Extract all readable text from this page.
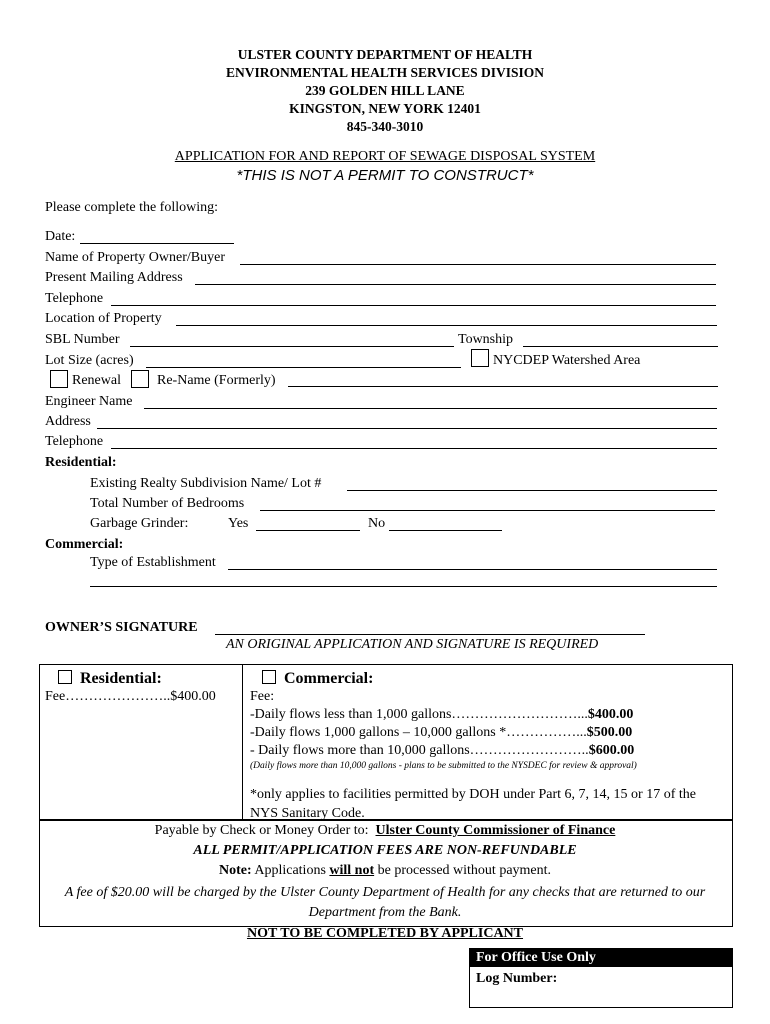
ULSTER COUNTY DEPARTMENT OF HEALTH
ENVIRONMENTAL HEALTH SERVICES DIVISION
239 GOLDEN HILL LANE
KINGSTON, NEW YORK 12401
845-340-3010
APPLICATION FOR AND REPORT OF SEWAGE DISPOSAL SYSTEM
*THIS IS NOT A PERMIT TO CONSTRUCT*
Please complete the following:
Date:
Name of Property Owner/Buyer
Present Mailing Address
Telephone
Location of Property
SBL Number	Township
Lot Size (acres)	NYCDEP Watershed Area
Renewal	Re-Name (Formerly)
Engineer Name
Address
Telephone
Residential:
Existing Realty Subdivision Name/ Lot #
Total Number of Bedrooms
Garbage Grinder:	Yes	No
Commercial:
Type of Establishment
OWNER’S SIGNATURE
AN ORIGINAL APPLICATION AND SIGNATURE IS REQUIRED
Residential:
Fee…………………..$400.00
Commercial:
Fee:
-Daily flows less than 1,000 gallons………………………...$400.00
-Daily flows 1,000 gallons – 10,000 gallons *……………...$500.00
- Daily flows more than 10,000 gallons……………………..$600.00
(Daily flows more than 10,000 gallons - plans to be submitted to the NYSDEC for review & approval)
*only applies to facilities permitted by DOH under Part 6, 7, 14, 15 or 17 of the NYS Sanitary Code.
Payable by Check or Money Order to: Ulster County Commissioner of Finance
ALL PERMIT/APPLICATION FEES ARE NON-REFUNDABLE
Note: Applications will not be processed without payment.
A fee of $20.00 will be charged by the Ulster County Department of Health for any checks that are returned to our Department from the Bank.
NOT TO BE COMPLETED BY APPLICANT
For Office Use Only
Log Number:
